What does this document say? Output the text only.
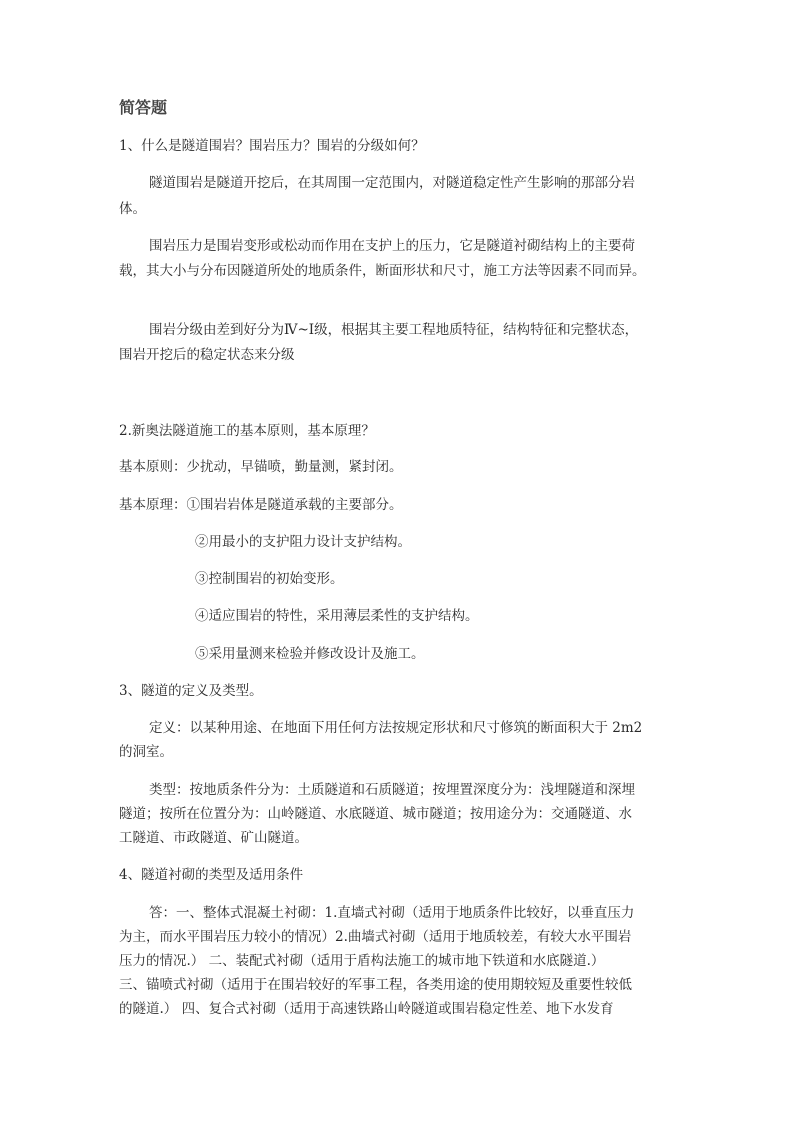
简答题
1、什么是隧道围岩？围岩压力？围岩的分级如何？
隧道围岩是隧道开挖后，在其周围一定范围内，对隧道稳定性产生影响的那部分岩
体。
围岩压力是围岩变形或松动而作用在支护上的压力，它是隧道衬砌结构上的主要荷
载，其大小与分布因隧道所处的地质条件，断面形状和尺寸，施工方法等因素不同而异。
围岩分级由差到好分为Ⅳ~Ⅰ级，根据其主要工程地质特征，结构特征和完整状态，
围岩开挖后的稳定状态来分级
2.新奥法隧道施工的基本原则，基本原理？
基本原则：少扰动，早锚喷，勤量测，紧封闭。
基本原理：①围岩岩体是隧道承载的主要部分。
②用最小的支护阻力设计支护结构。
③控制围岩的初始变形。
④适应围岩的特性，采用薄层柔性的支护结构。
⑤采用量测来检验并修改设计及施工。
3、隧道的定义及类型。
定义：以某种用途、在地面下用任何方法按规定形状和尺寸修筑的断面积大于 2m2
的洞室。
类型：按地质条件分为：土质隧道和石质隧道；按埋置深度分为：浅埋隧道和深埋
隧道；按所在位置分为：山岭隧道、水底隧道、城市隧道；按用途分为：交通隧道、水
工隧道、市政隧道、矿山隧道。
4、隧道衬砌的类型及适用条件
答：一、整体式混凝土衬砌：1.直墙式衬砌（适用于地质条件比较好，以垂直压力
为主，而水平围岩压力较小的情况）2.曲墙式衬砌（适用于地质较差，有较大水平围岩
压力的情况.） 二、装配式衬砌（适用于盾构法施工的城市地下铁道和水底隧道.）
三、锚喷式衬砌（适用于在围岩较好的军事工程，各类用途的使用期较短及重要性较低
的隧道.） 四、复合式衬砌（适用于高速铁路山岭隧道或围岩稳定性差、地下水发育
